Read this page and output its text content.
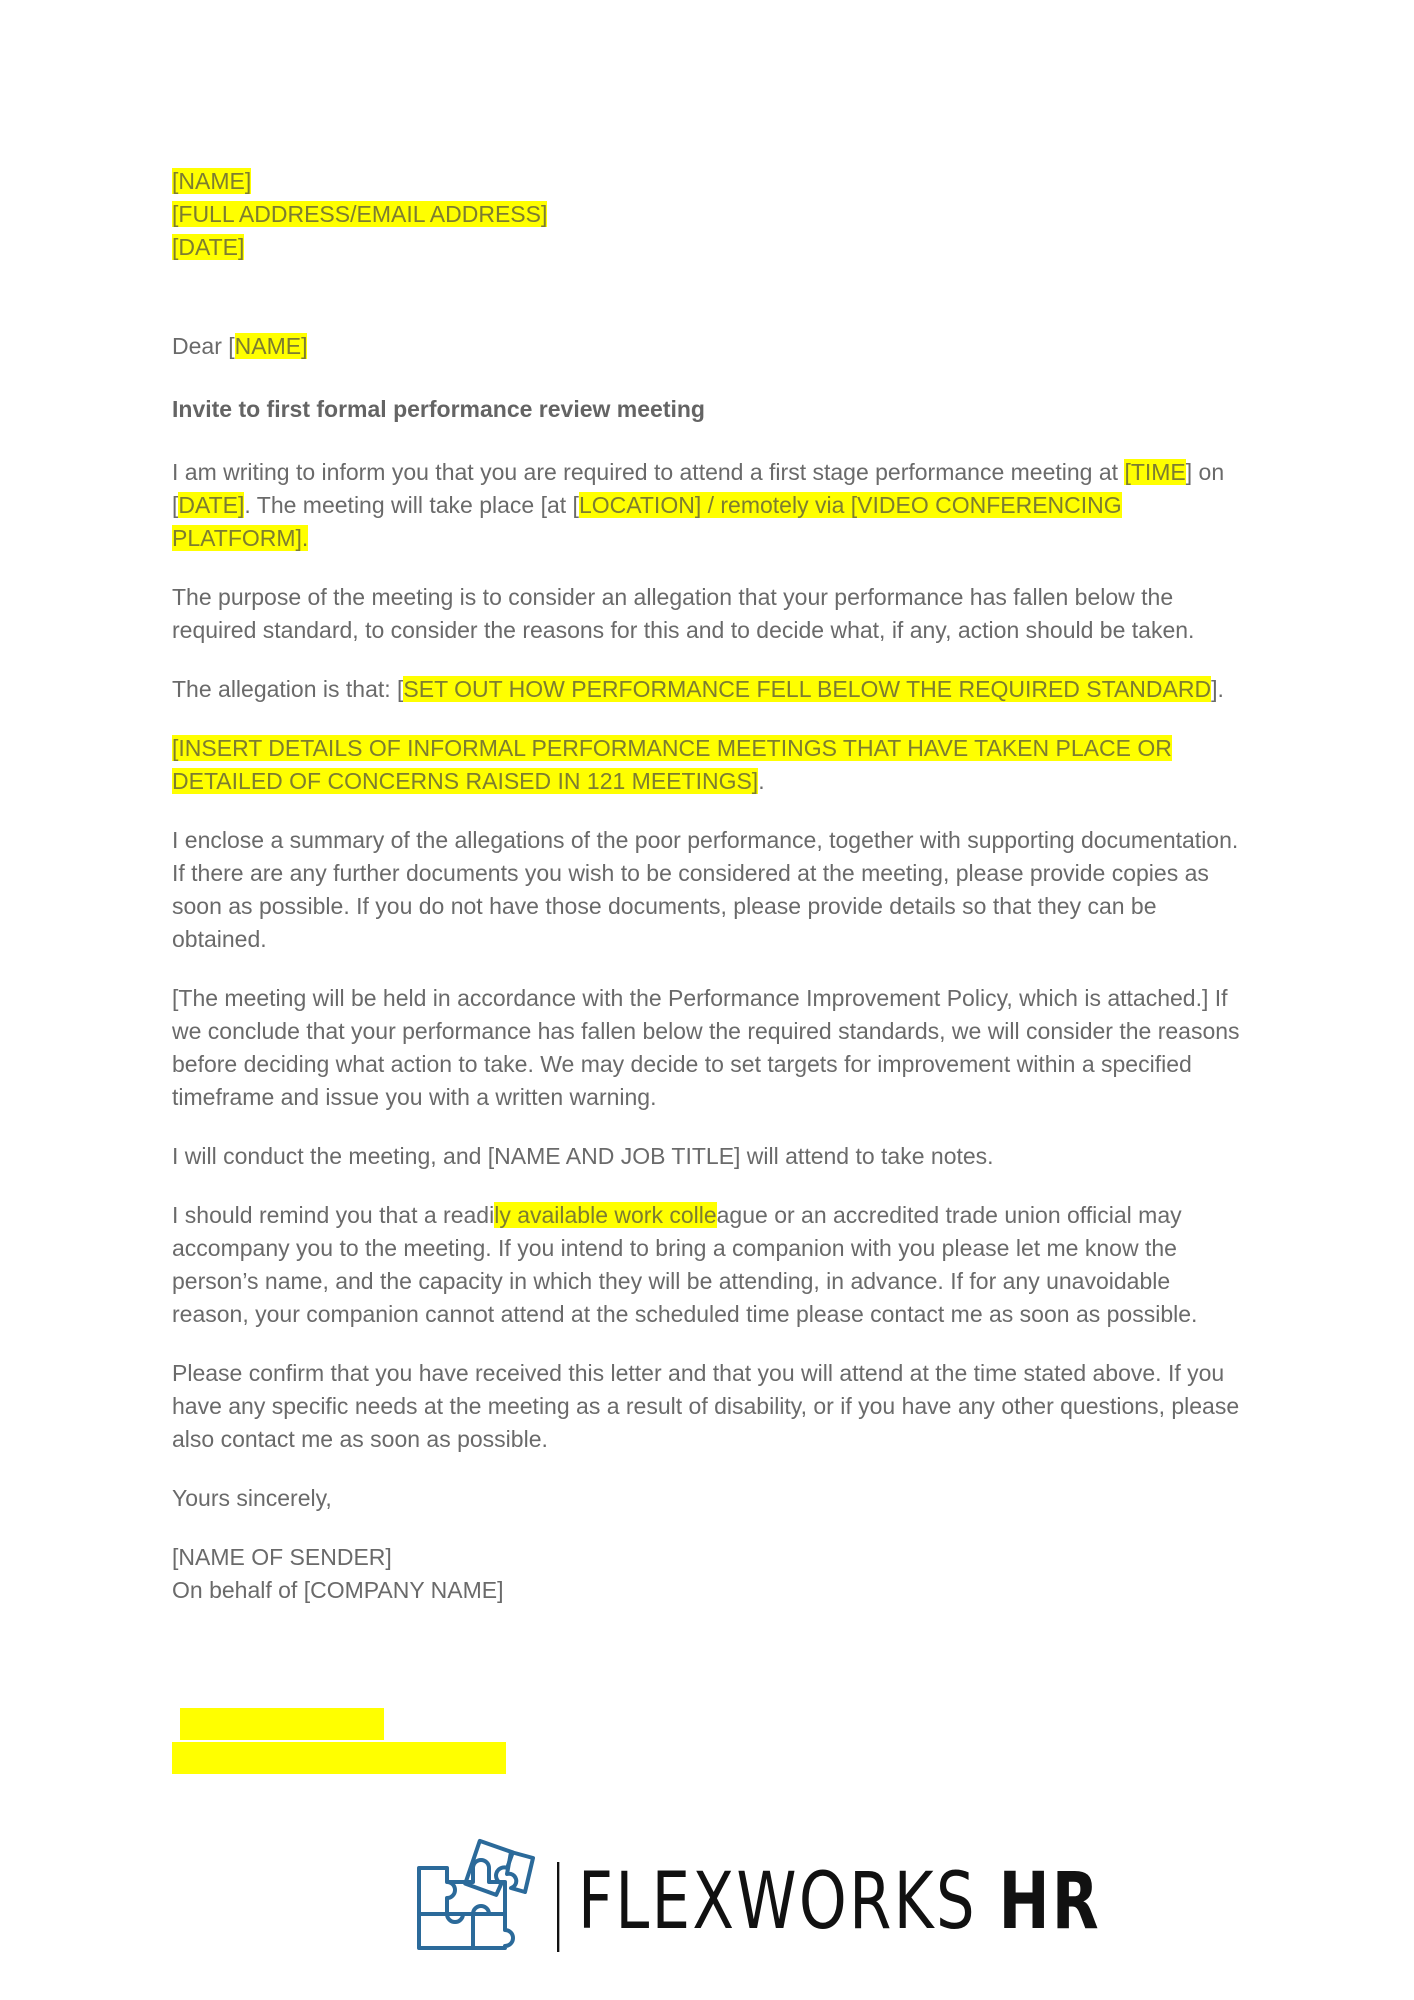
[NAME]
[FULL ADDRESS/EMAIL ADDRESS]
[DATE]

Dear [NAME]

Invite to first formal performance review meeting

I am writing to inform you that you are required to attend a first stage performance meeting at [TIME] on [DATE]. The meeting will take place [at [LOCATION] / remotely via [VIDEO CONFERENCING PLATFORM].

The purpose of the meeting is to consider an allegation that your performance has fallen below the required standard, to consider the reasons for this and to decide what, if any, action should be taken.

The allegation is that: [SET OUT HOW PERFORMANCE FELL BELOW THE REQUIRED STANDARD].

[INSERT DETAILS OF INFORMAL PERFORMANCE MEETINGS THAT HAVE TAKEN PLACE OR DETAILED OF CONCERNS RAISED IN 121 MEETINGS].

I enclose a summary of the allegations of the poor performance, together with supporting documentation. If there are any further documents you wish to be considered at the meeting, please provide copies as soon as possible. If you do not have those documents, please provide details so that they can be obtained.

[The meeting will be held in accordance with the Performance Improvement Policy, which is attached.] If we conclude that your performance has fallen below the required standards, we will consider the reasons before deciding what action to take. We may decide to set targets for improvement within a specified timeframe and issue you with a written warning.

I will conduct the meeting, and [NAME AND JOB TITLE] will attend to take notes.

I should remind you that a readily available work colleague or an accredited trade union official may accompany you to the meeting. If you intend to bring a companion with you please let me know the person’s name, and the capacity in which they will be attending, in advance. If for any unavoidable reason, your companion cannot attend at the scheduled time please contact me as soon as possible.

Please confirm that you have received this letter and that you will attend at the time stated above. If you have any specific needs at the meeting as a result of disability, or if you have any other questions, please also contact me as soon as possible.

Yours sincerely,

[NAME OF SENDER]
On behalf of [COMPANY NAME]
FLEXWORKS HR
